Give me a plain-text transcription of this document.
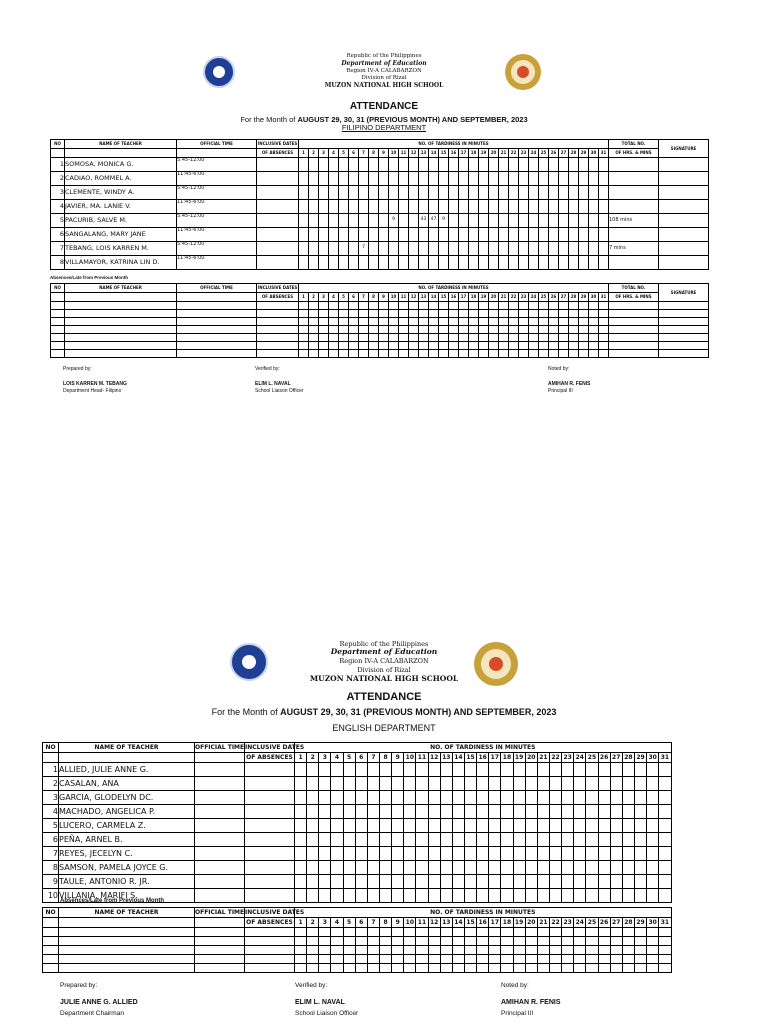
Republic of the Philippines
Department of Education
Region IV-A CALABARZON
Division of Rizal
MUZON NATIONAL HIGH SCHOOL
ATTENDANCE
For the Month of AUGUST 29, 30, 31 (PREVIOUS MONTH) AND SEPTEMBER, 2023
FILIPINO DEPARTMENT
NO	NAME OF TEACHER	OFFICIAL TIME	INCLUSIVE DATES	NO. OF TARDINESS IN MINUTES																															TOTAL NO.	SIGNATURE
			OF ABSENCES	1	2	3	4	5	6	7	8	9	10	11	12	13	14	15	16	17	18	19	20	21	22	23	24	25	26	27	28	29	30	31	OF HRS. & MINS	
1	SOMOSA, MONICA G.	5:45-12:00																																		
2	CADIAO, ROMMEL A.	11:45-6:00																																		
3	CLEMENTE, WINDY A.	5:45-12:00																																		
4	JAVIER, MA. LANIE V.	11:45-6:00																																		
5	PACURIB, SALVE M.	5:45-12:00											9			43	47	9																	108 mins	
6	SANGALANG, MARY JANE	11:45-6:00																																		
7	TEBANG, LOIS KARREN M.	5:45-12:00								7																									7 mins	
8	VILLAMAYOR, KATRINA LIN D.	11:45-6:00																																		
Absences/Late from Previous Month
NO	NAME OF TEACHER	OFFICIAL TIME	INCLUSIVE DATES	NO. OF TARDINESS IN MINUTES																															TOTAL NO.	SIGNATURE
			OF ABSENCES	1	2	3	4	5	6	7	8	9	10	11	12	13	14	15	16	17	18	19	20	21	22	23	24	25	26	27	28	29	30	31	OF HRS. & MINS	

Prepared by:
LOIS KARREN M. TEBANG
Department Head- Filipino
Verified by:
ELIM L. NAVAL
School Liaison Officer
Noted by:
AMIHAN R. FENIS
Principal III
Republic of the Philippines
Department of Education
Region IV-A CALABARZON
Division of Rizal
MUZON NATIONAL HIGH SCHOOL
ATTENDANCE
For the Month of AUGUST 29, 30, 31 (PREVIOUS MONTH) AND SEPTEMBER, 2023
ENGLISH DEPARTMENT
NO	NAME OF TEACHER	OFFICIAL TIME	INCLUSIVE DATES	NO. OF TARDINESS IN MINUTES																														
			OF ABSENCES	1	2	3	4	5	6	7	8	9	10	11	12	13	14	15	16	17	18	19	20	21	22	23	24	25	26	27	28	29	30	31
1	ALLIED, JULIE ANNE G.																																	
2	CASALAN, ANA																																	
3	GARCIA, GLODELYN DC.																																	
4	MACHADO, ANGELICA P.																																	
5	LUCERO, CARMELA Z.																																	
6	PEÑA, ARNEL B.																																	
7	REYES, JECELYN C.																																	
8	SAMSON, PAMELA JOYCE G.																																	
9	TAULE, ANTONIO R. JR.																																	
10	VILLANIA, MARIFI S.																																	
Absences/Late from Previous Month
NO	NAME OF TEACHER	OFFICIAL TIME	INCLUSIVE DATES	NO. OF TARDINESS IN MINUTES																														
			OF ABSENCES	1	2	3	4	5	6	7	8	9	10	11	12	13	14	15	16	17	18	19	20	21	22	23	24	25	26	27	28	29	30	31

Prepared by:
JULIE ANNE G. ALLIED
Department Chairman
Verified by:
ELIM L. NAVAL
School Liaison Officer
Noted by:
AMIHAN R. FENIS
Principal III
